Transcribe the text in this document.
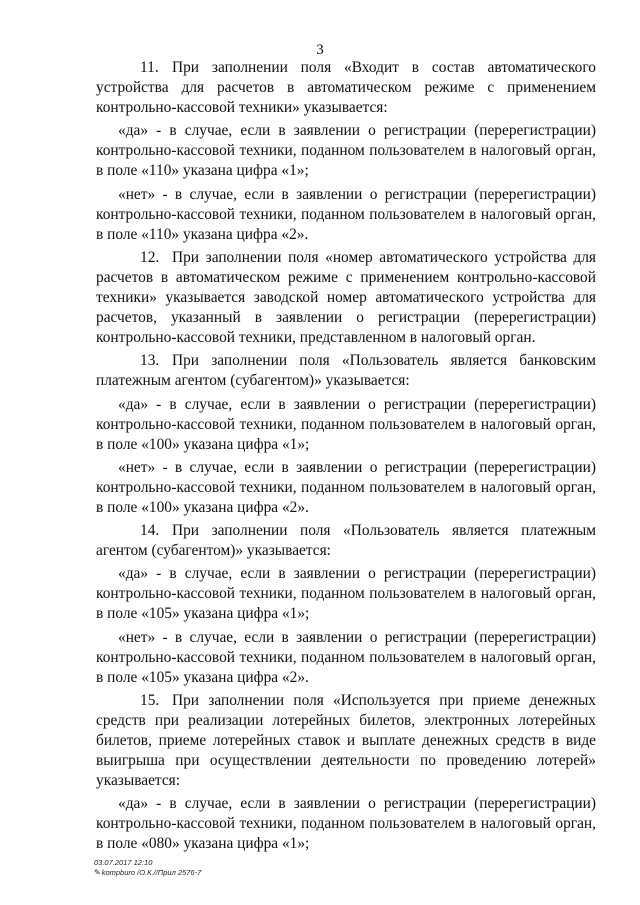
3

11. При заполнении поля «Входит в состав автоматического устройства для расчетов в автоматическом режиме с применением контрольно-кассовой техники» указывается:

«да» - в случае, если в заявлении о регистрации (перерегистрации) контрольно-кассовой техники, поданном пользователем в налоговый орган, в поле «110» указана цифра «1»;

«нет» - в случае, если в заявлении о регистрации (перерегистрации) контрольно-кассовой техники, поданном пользователем в налоговый орган, в поле «110» указана цифра «2».

12. При заполнении поля «номер автоматического устройства для расчетов в автоматическом режиме с применением контрольно-кассовой техники» указывается заводской номер автоматического устройства для расчетов, указанный в заявлении о регистрации (перерегистрации) контрольно-кассовой техники, представленном в налоговый орган.

13. При заполнении поля «Пользователь является банковским платежным агентом (субагентом)» указывается:

«да» - в случае, если в заявлении о регистрации (перерегистрации) контрольно-кассовой техники, поданном пользователем в налоговый орган, в поле «100» указана цифра «1»;

«нет» - в случае, если в заявлении о регистрации (перерегистрации) контрольно-кассовой техники, поданном пользователем в налоговый орган, в поле «100» указана цифра «2».

14. При заполнении поля «Пользователь является платежным агентом (субагентом)» указывается:

«да» - в случае, если в заявлении о регистрации (перерегистрации) контрольно-кассовой техники, поданном пользователем в налоговый орган, в поле «105» указана цифра «1»;

«нет» - в случае, если в заявлении о регистрации (перерегистрации) контрольно-кассовой техники, поданном пользователем в налоговый орган, в поле «105» указана цифра «2».

15. При заполнении поля «Используется при приеме денежных средств при реализации лотерейных билетов, электронных лотерейных билетов, приеме лотерейных ставок и выплате денежных средств в виде выигрыша при осуществлении деятельности по проведению лотерей» указывается:

«да» - в случае, если в заявлении о регистрации (перерегистрации) контрольно-кассовой техники, поданном пользователем в налоговый орган, в поле «080» указана цифра «1»;

03.07.2017 12:10
✎kompburo /О.К.//Прил 2576-7
